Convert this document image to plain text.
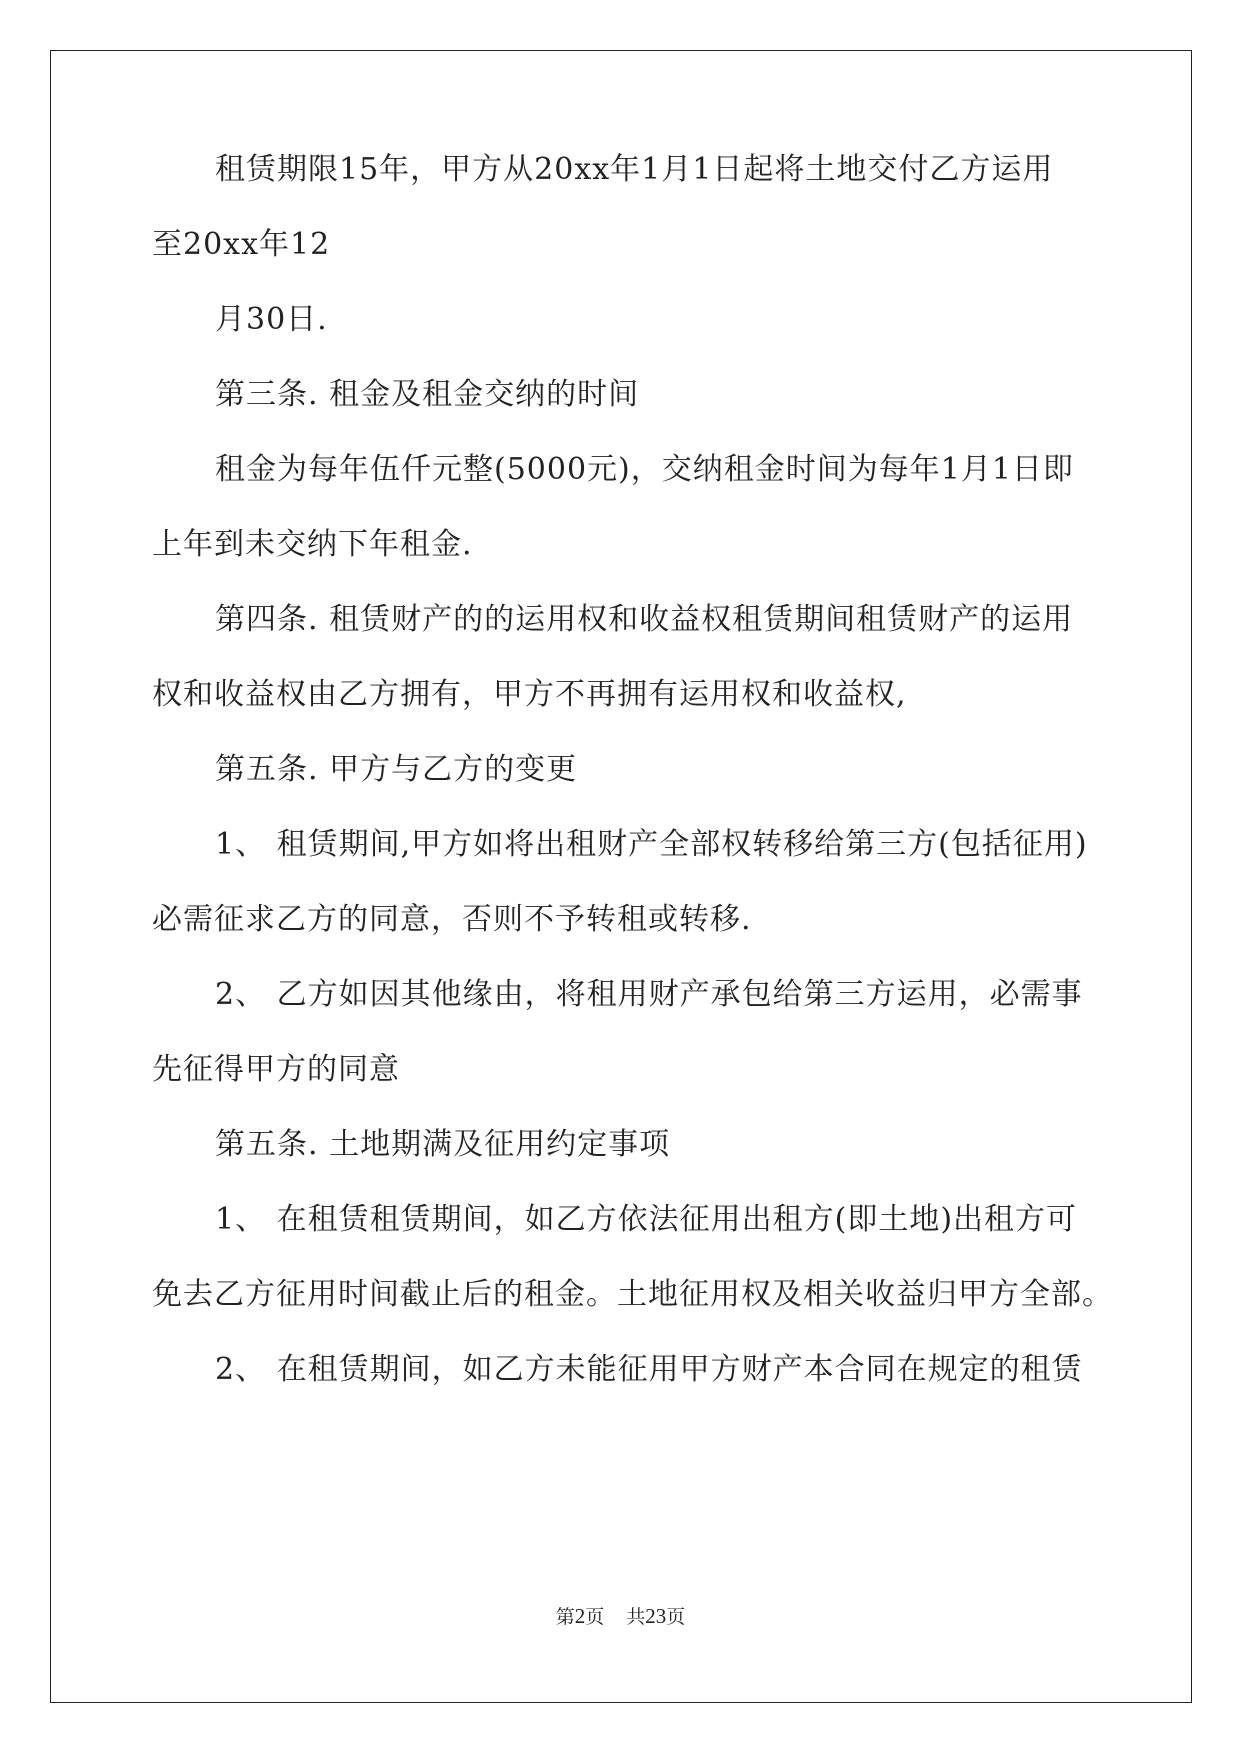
租赁期限15年，甲方从20xx年1月1日起将土地交付乙方运用
至20xx年12
月30日.
第三条. 租金及租金交纳的时间
租金为每年伍仟元整(5000元)，交纳租金时间为每年1月1日即
上年到未交纳下年租金.
第四条. 租赁财产的的运用权和收益权租赁期间租赁财产的运用
权和收益权由乙方拥有，甲方不再拥有运用权和收益权,
第五条. 甲方与乙方的变更
1、 租赁期间,甲方如将出租财产全部权转移给第三方(包括征用)
必需征求乙方的同意，否则不予转租或转移.
2、 乙方如因其他缘由，将租用财产承包给第三方运用，必需事
先征得甲方的同意
第五条. 土地期满及征用约定事项
1、 在租赁租赁期间，如乙方依法征用出租方(即土地)出租方可
免去乙方征用时间截止后的租金。土地征用权及相关收益归甲方全部。
2、 在租赁期间，如乙方未能征用甲方财产本合同在规定的租赁
第2页 共23页
